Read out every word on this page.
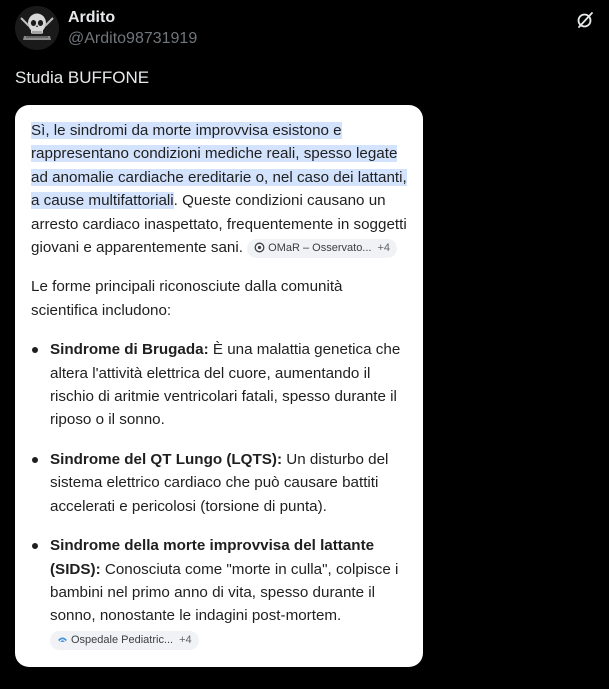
Ardito
@Ardito98731919
Studia BUFFONE

Sì, le sindromi da morte improvvisa esistono e rappresentano condizioni mediche reali, spesso legate ad anomalie cardiache ereditarie o, nel caso dei lattanti, a cause multifattoriali. Queste condizioni causano un arresto cardiaco inaspettato, frequentemente in soggetti giovani e apparentemente sani. OMaR – Osservato... +4

Le forme principali riconosciute dalla comunità scientifica includono:

Sindrome di Brugada: È una malattia genetica che altera l'attività elettrica del cuore, aumentando il rischio di aritmie ventricolari fatali, spesso durante il riposo o il sonno.
Sindrome del QT Lungo (LQTS): Un disturbo del sistema elettrico cardiaco che può causare battiti accelerati e pericolosi (torsione di punta).
Sindrome della morte improvvisa del lattante (SIDS): Conosciuta come "morte in culla", colpisce i bambini nel primo anno di vita, spesso durante il sonno, nonostante le indagini post-mortem. Ospedale Pediatric... +4
